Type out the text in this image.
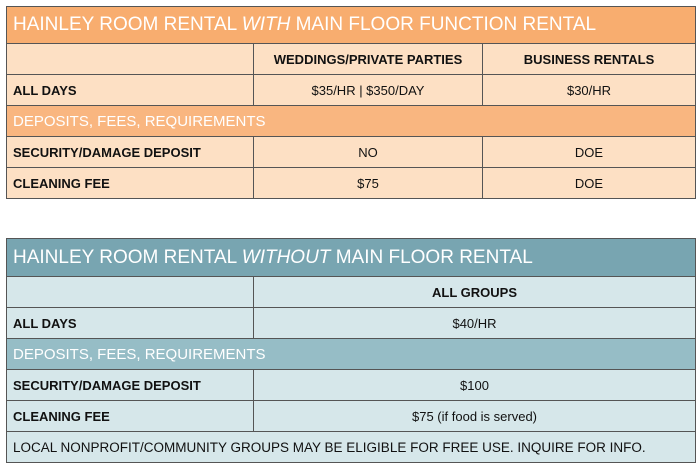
HAINLEY ROOM RENTAL WITH MAIN FLOOR FUNCTION RENTAL		
	WEDDINGS/PRIVATE PARTIES	BUSINESS RENTALS
ALL DAYS	$35/HR | $350/DAY	$30/HR
DEPOSITS, FEES, REQUIREMENTS		
SECURITY/DAMAGE DEPOSIT	NO	DOE
CLEANING FEE	$75	DOE
HAINLEY ROOM RENTAL WITHOUT MAIN FLOOR RENTAL	
	ALL GROUPS
ALL DAYS	$40/HR
DEPOSITS, FEES, REQUIREMENTS	
SECURITY/DAMAGE DEPOSIT	$100
CLEANING FEE	$75 (if food is served)
LOCAL NONPROFIT/COMMUNITY GROUPS MAY BE ELIGIBLE FOR FREE USE. INQUIRE FOR INFO.	
